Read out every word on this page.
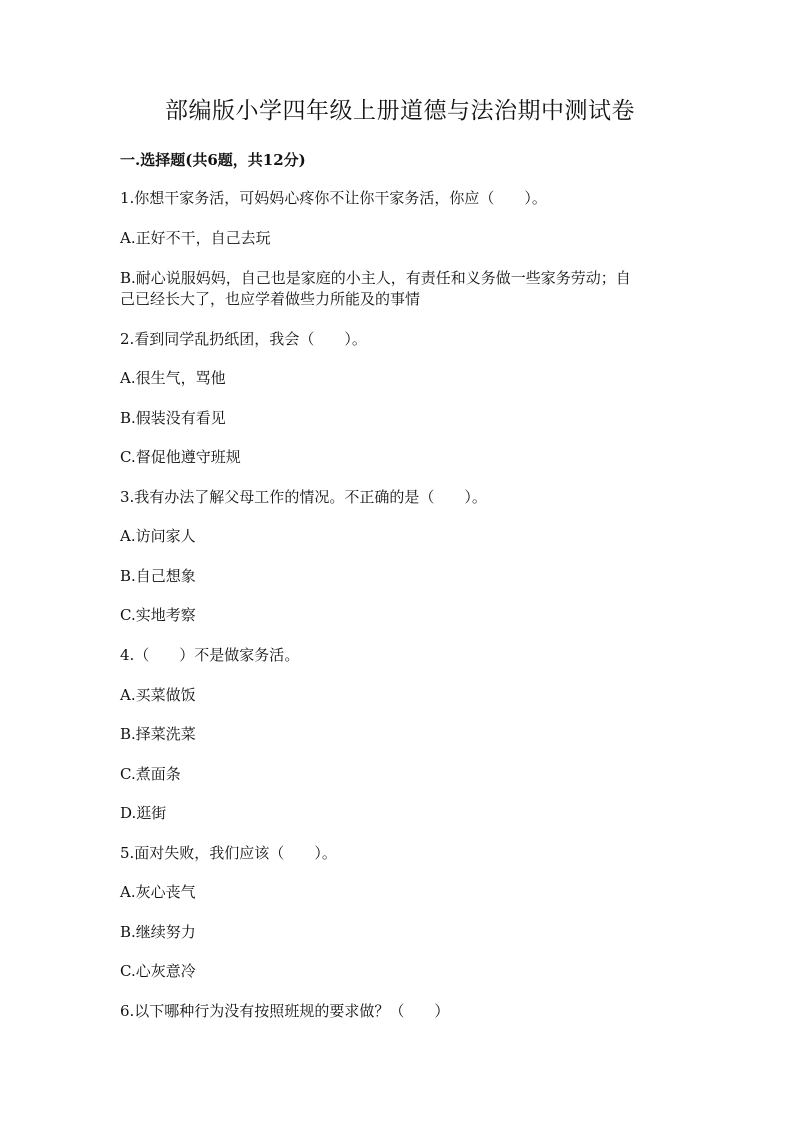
部编版小学四年级上册道德与法治期中测试卷
一.选择题(共6题，共12分)
1.你想干家务活，可妈妈心疼你不让你干家务活，你应（　　）。
A.正好不干，自己去玩
B.耐心说服妈妈，自己也是家庭的小主人，有责任和义务做一些家务劳动；自
己已经长大了，也应学着做些力所能及的事情
2.看到同学乱扔纸团，我会（　　）。
A.很生气，骂他
B.假装没有看见
C.督促他遵守班规
3.我有办法了解父母工作的情况。不正确的是（　　）。
A.访问家人
B.自己想象
C.实地考察
4.（　　）不是做家务活。
A.买菜做饭
B.择菜洗菜
C.煮面条
D.逛街
5.面对失败，我们应该（　　）。
A.灰心丧气
B.继续努力
C.心灰意冷
6.以下哪种行为没有按照班规的要求做？（　　）
